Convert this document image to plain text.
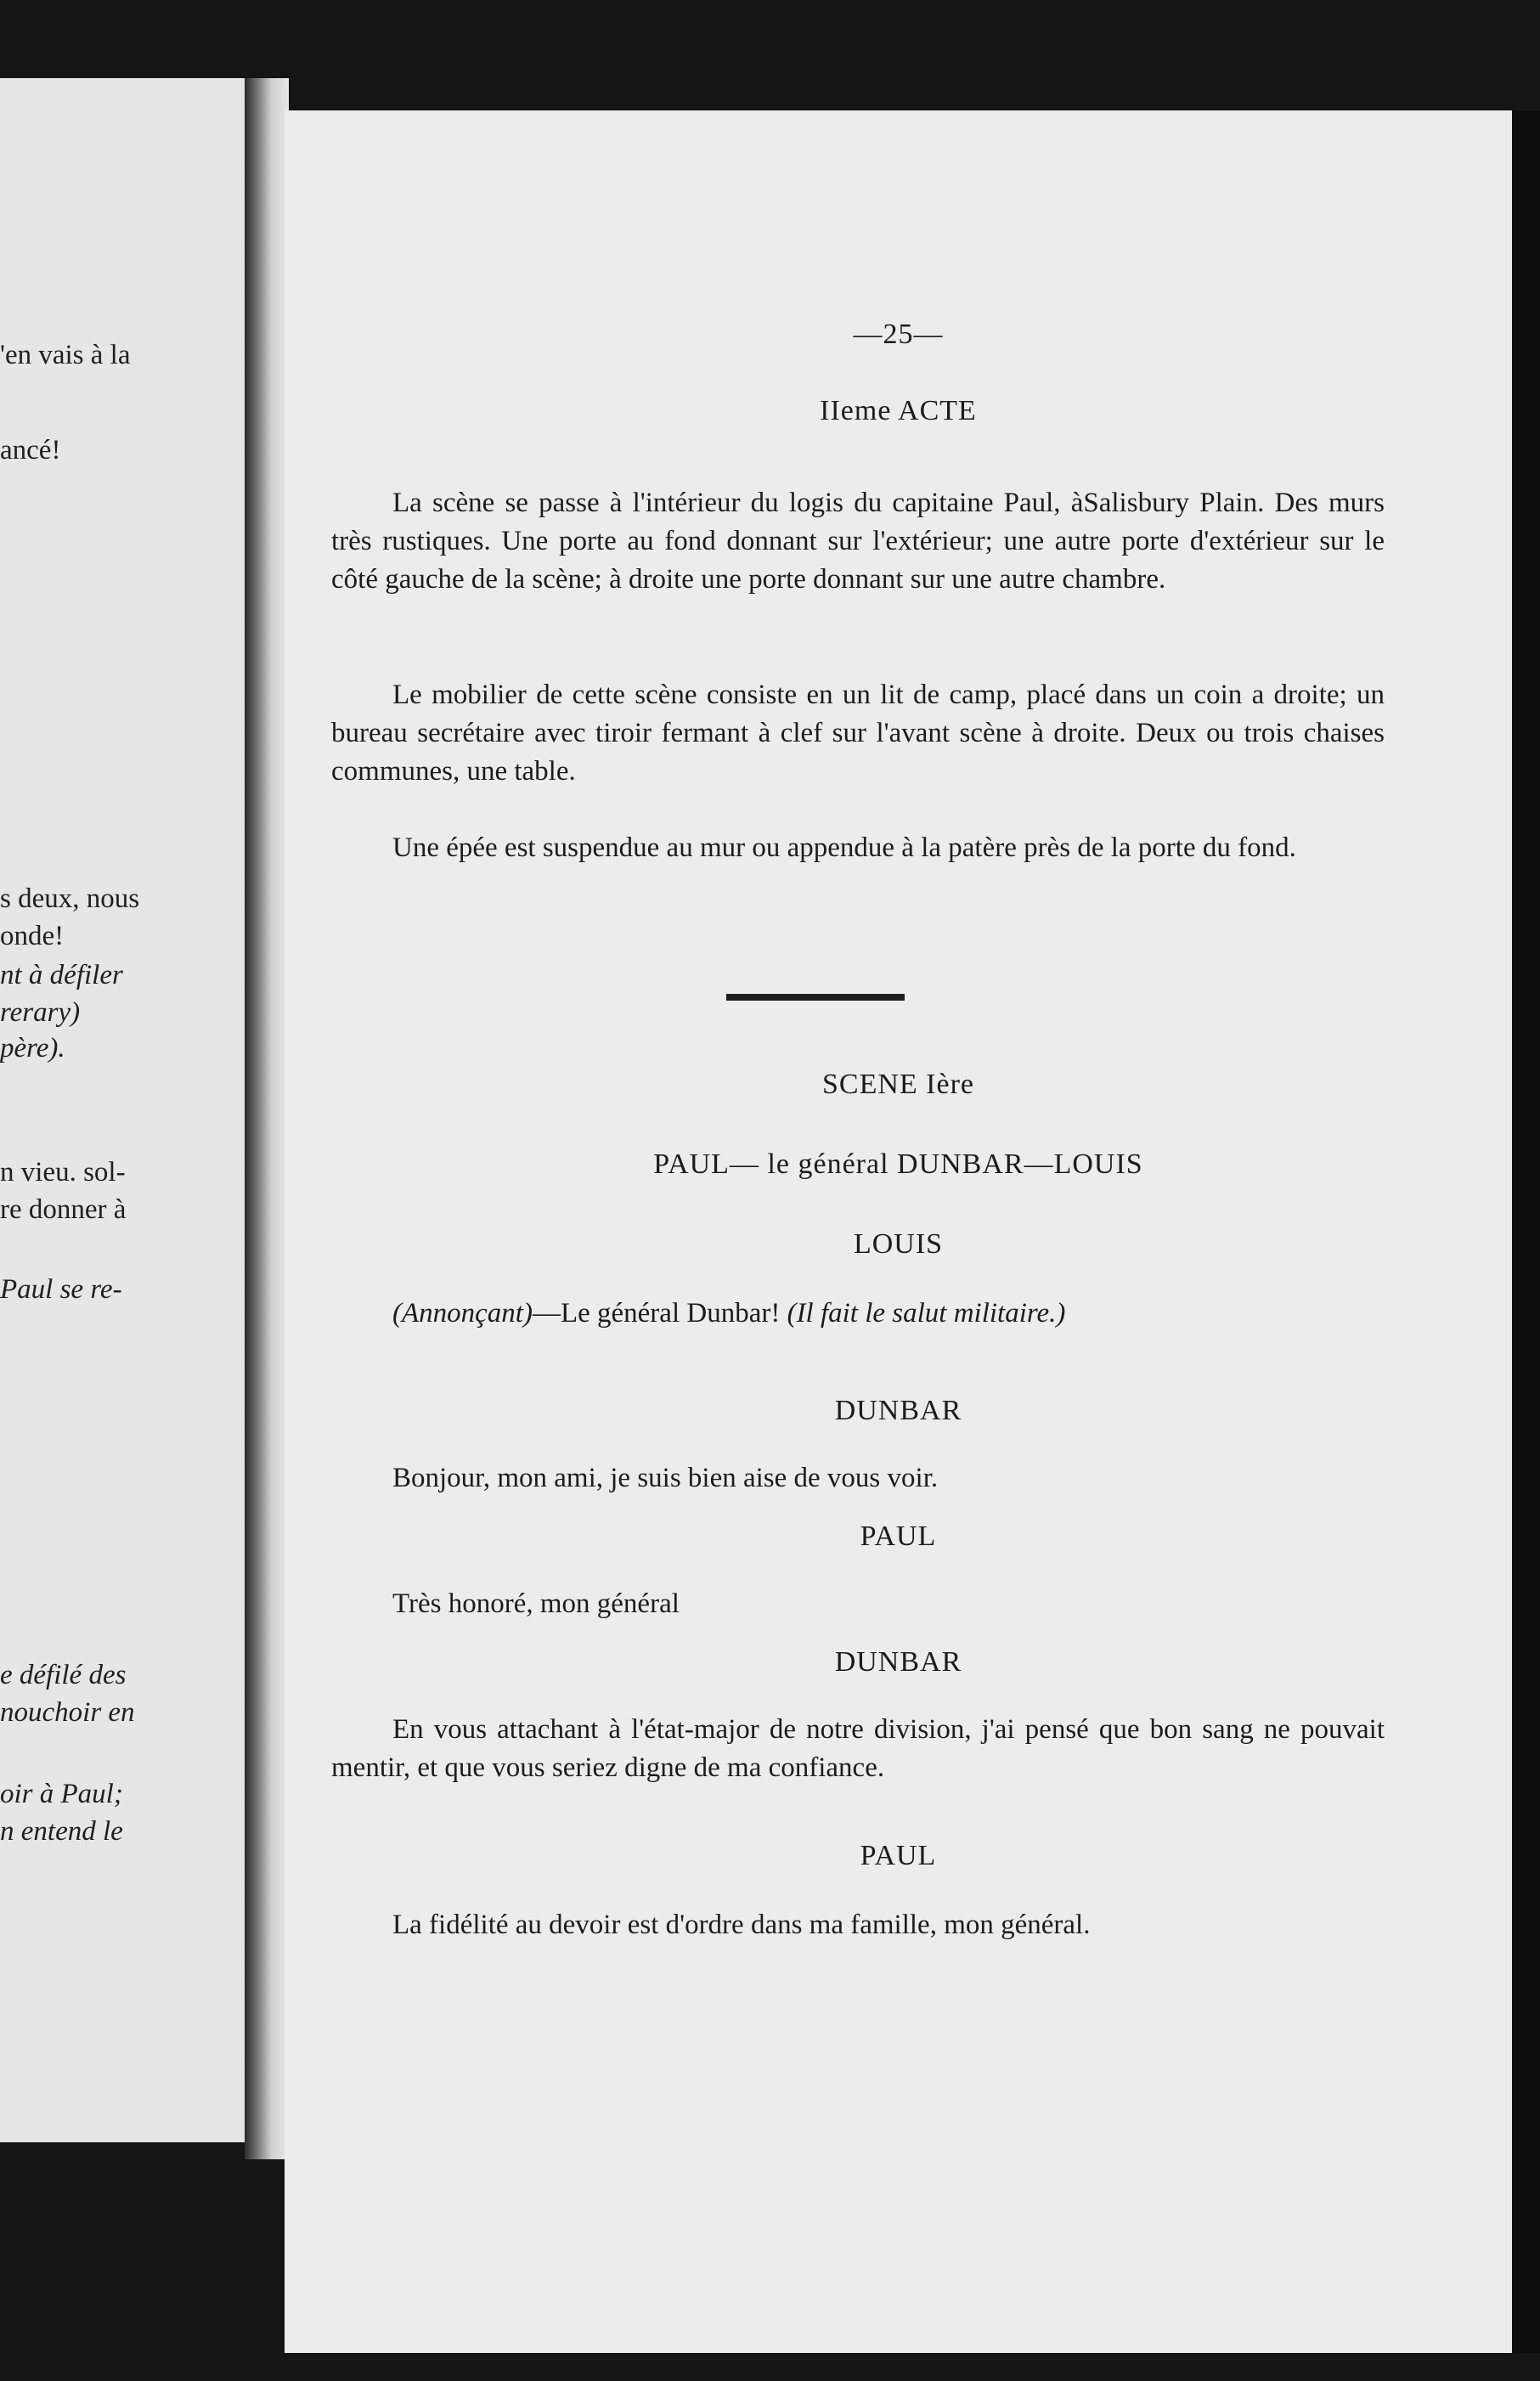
'en vais à la
ancé!
s deux, nous
onde!
nt à défiler
rerary)
père).
n vieu. sol-
re donner à
Paul se re-
e défilé des
nouchoir en
oir à Paul;
n entend le
—25—
IIeme ACTE

La scène se passe à l'intérieur du logis du capitaine Paul, àSalisbury Plain. Des murs très rustiques. Une porte au fond donnant sur l'extérieur; une autre porte d'extérieur sur le côté gauche de la scène; à droite une porte donnant sur une autre chambre.

Le mobilier de cette scène consiste en un lit de camp, placé dans un coin a droite; un bureau secrétaire avec tiroir fermant à clef sur l'avant scène à droite. Deux ou trois chaises communes, une table.

Une épée est suspendue au mur ou appendue à la patère près de la porte du fond.

SCENE Ière
PAUL— le général DUNBAR—LOUIS
LOUIS

(Annonçant)—Le général Dunbar! (Il fait le salut militaire.)

DUNBAR

Bonjour, mon ami, je suis bien aise de vous voir.

PAUL

Très honoré, mon général

DUNBAR

En vous attachant à l'état-major de notre division, j'ai pensé que bon sang ne pouvait mentir, et que vous seriez digne de ma confiance.

PAUL

La fidélité au devoir est d'ordre dans ma famille, mon général.
